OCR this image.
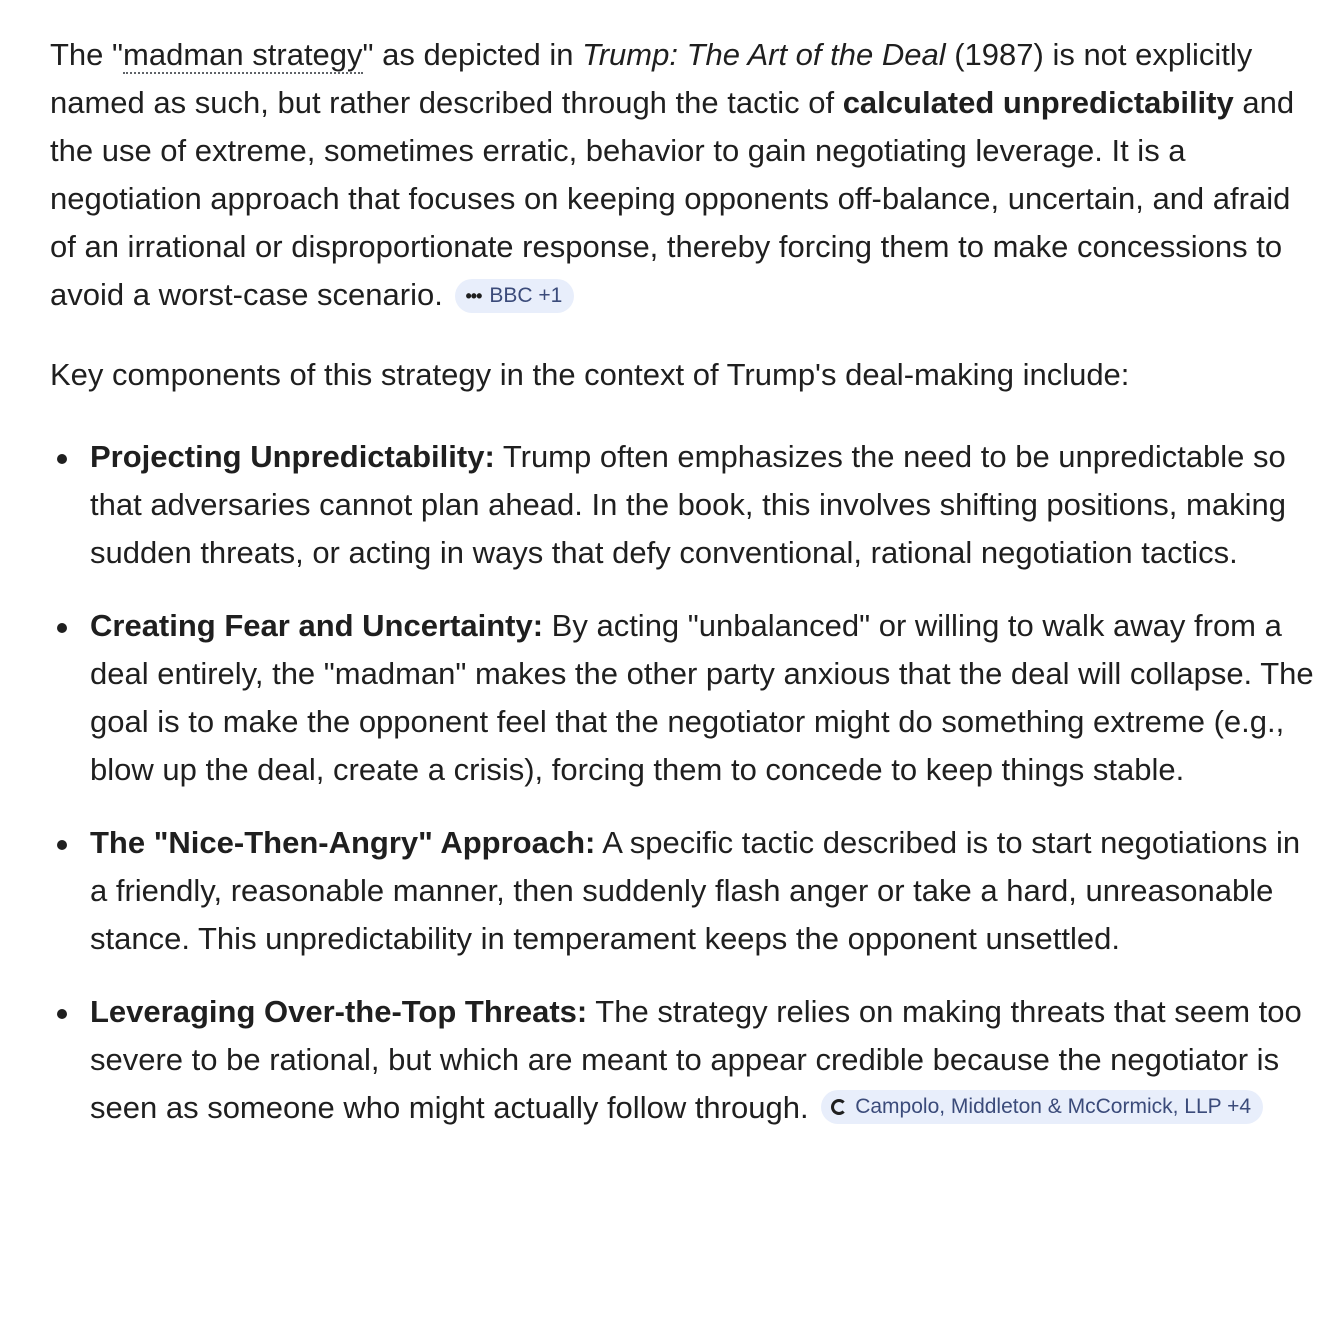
The "madman strategy" as depicted in Trump: The Art of the Deal (1987) is not explicitly named as such, but rather described through the tactic of calculated unpredictability and the use of extreme, sometimes erratic, behavior to gain negotiating leverage. It is a negotiation approach that focuses on keeping opponents off-balance, uncertain, and afraid of an irrational or disproportionate response, thereby forcing them to make concessions to avoid a worst-case scenario. ••• BBC +1

Key components of this strategy in the context of Trump's deal-making include:

Projecting Unpredictability: Trump often emphasizes the need to be unpredictable so that adversaries cannot plan ahead. In the book, this involves shifting positions, making sudden threats, or acting in ways that defy conventional, rational negotiation tactics.
Creating Fear and Uncertainty: By acting "unbalanced" or willing to walk away from a deal entirely, the "madman" makes the other party anxious that the deal will collapse. The goal is to make the opponent feel that the negotiator might do something extreme (e.g., blow up the deal, create a crisis), forcing them to concede to keep things stable.
The "Nice-Then-Angry" Approach: A specific tactic described is to start negotiations in a friendly, reasonable manner, then suddenly flash anger or take a hard, unreasonable stance. This unpredictability in temperament keeps the opponent unsettled.
Leveraging Over-the-Top Threats: The strategy relies on making threats that seem too severe to be rational, but which are meant to appear credible because the negotiator is seen as someone who might actually follow through. Campolo, Middleton & McCormick, LLP +4
